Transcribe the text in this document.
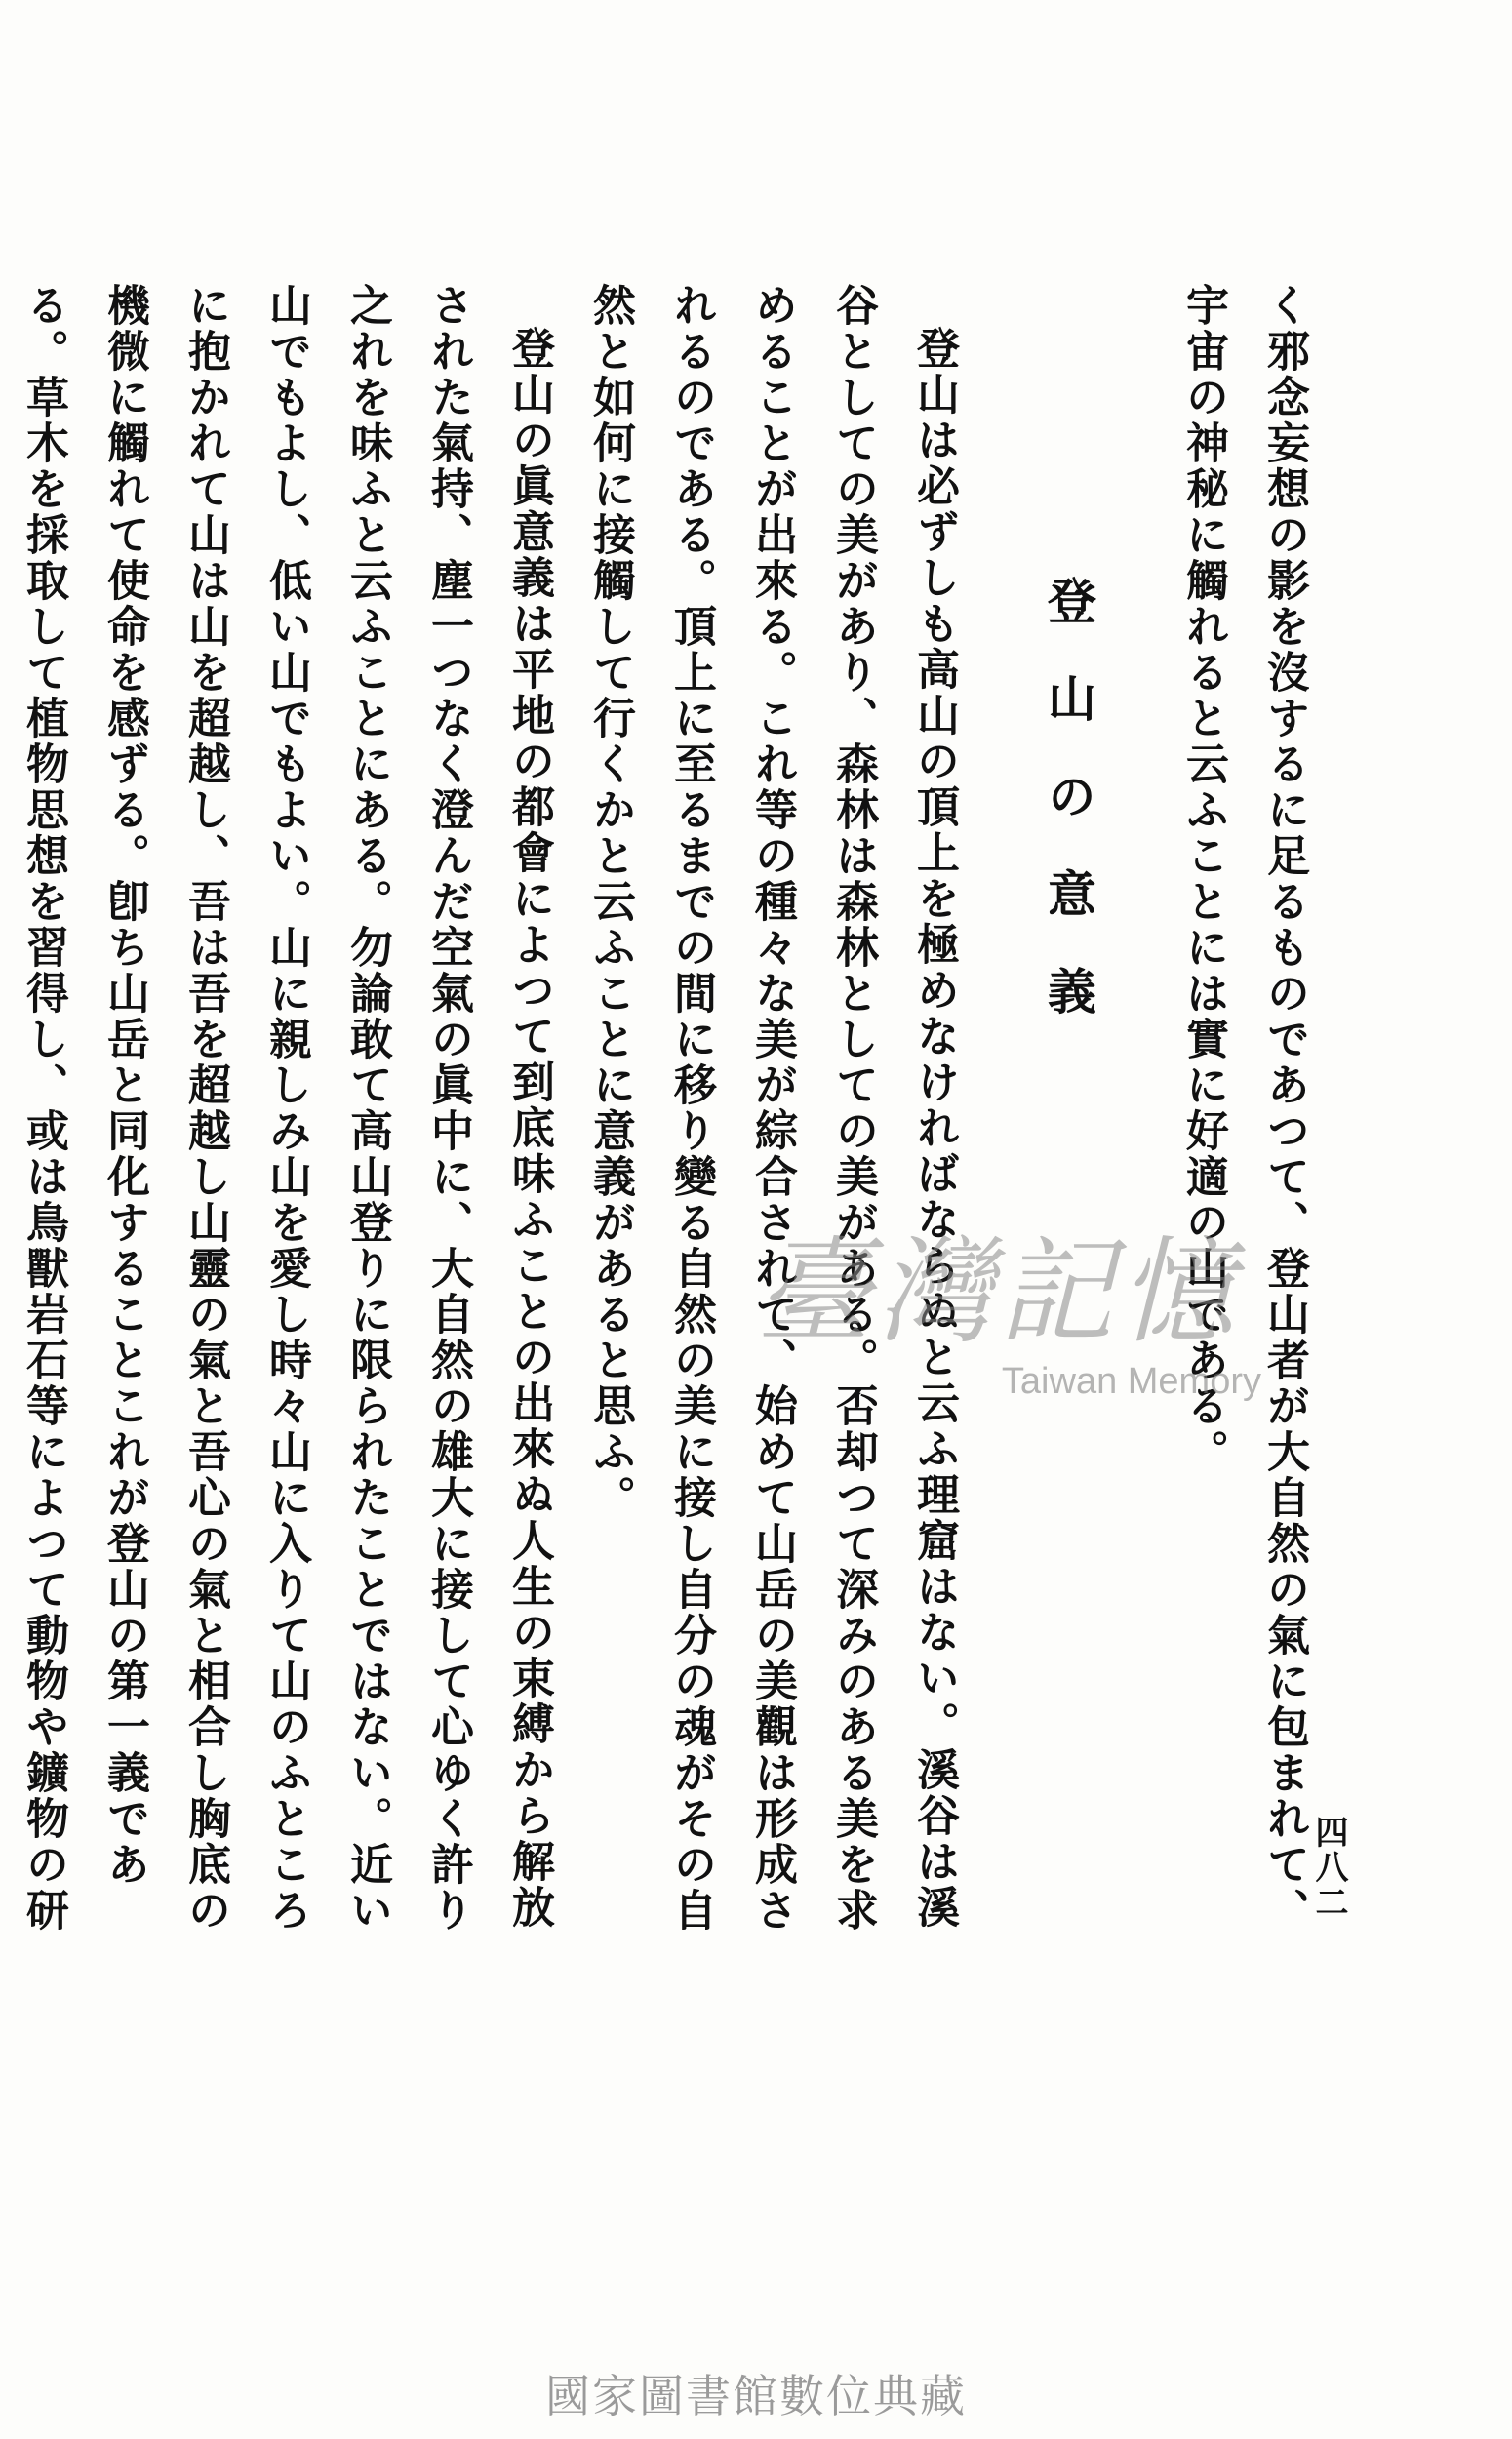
四八二

く邪念妄想の影を沒するに足るものであつて、登山者が大自然の氣に包まれて、宇宙の神秘に觸れると云ふことには實に好適の山である。

登山の意義

登山は必ずしも高山の頂上を極めなければならぬと云ふ理窟はない。溪谷は溪谷としての美があり、森林は森林としての美がある。否却つて深みのある美を求めることが出來る。これ等の種々な美が綜合されて、始めて山岳の美觀は形成されるのである。頂上に至るまでの間に移り變る自然の美に接し自分の魂がその自然と如何に接觸して行くかと云ふことに意義があると思ふ。

登山の眞意義は平地の都會によつて到底味ふことの出來ぬ人生の束縛から解放された氣持、塵一つなく澄んだ空氣の眞中に、大自然の雄大に接して心ゆく許り之れを味ふと云ふことにある。勿論敢て高山登りに限られたことではない。近い山でもよし、低い山でもよい。山に親しみ山を愛し時々山に入りて山のふところに抱かれて山は山を超越し、吾は吾を超越し山靈の氣と吾心の氣と相合し胸底の機微に觸れて使命を感ずる。卽ち山岳と同化することこれが登山の第一義である。草木を採取して植物思想を習得し、或は鳥獸岩石等によつて動物や鑛物の研

臺灣記憶
Taiwan Memory
國家圖書館數位典藏
